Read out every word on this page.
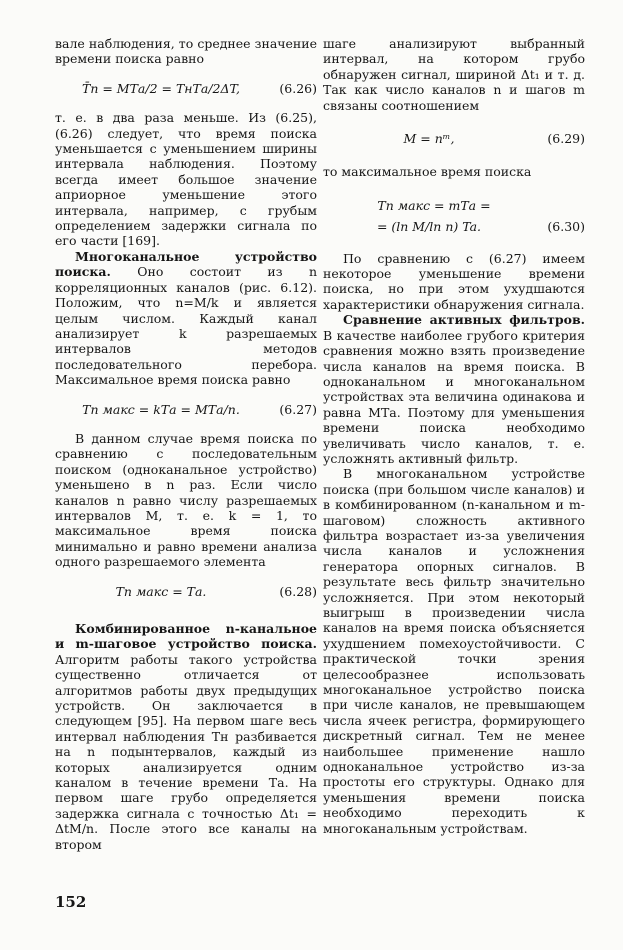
вале наблюдения, то среднее значение времени поиска равно

T̄п = MTа/2 = TнTа/2ΔT,	(6.26)

т. е. в два раза меньше. Из (6.25), (6.26) следует, что время поиска уменьшается с уменьшением ширины интервала наблюдения. Поэтому всегда имеет большое значение априорное уменьшение этого интервала, например, с грубым определением задержки сигнала по его части [169].

Многоканальное устройство поиска. Оно состоит из n корреляционных каналов (рис. 6.12). Положим, что n=M/k и является целым числом. Каждый канал анализирует k разрешаемых интервалов методов последовательного перебора. Максимальное время поиска равно

Tп макс = kTа = MTа/n.	(6.27)

В данном случае время поиска по сравнению с последовательным поиском (одноканальное устройство) уменьшено в n раз. Если число каналов n равно числу разрешаемых интервалов M, т. е. k = 1, то максимальное время поиска минимально и равно времени анализа одного разрешаемого элемента

Tп макс = Tа.	(6.28)

Комбинированное n-канальное и m-шаговое устройство поиска. Алгоритм работы такого устройства существенно отличается от алгоритмов работы двух предыдущих устройств. Он заключается в следующем [95]. На первом шаге весь интервал наблюдения Tн разбивается на n подынтервалов, каждый из которых анализируется одним каналом в течение времени Tа. На первом шаге грубо определяется задержка сигнала с точностью Δt₁ = ΔtM/n. После этого все каналы на втором

шаге анализируют выбранный интервал, на котором грубо обнаружен сигнал, шириной Δt₁ и т. д. Так как число каналов n и шагов m связаны соотношением

M = nᵐ,	(6.29)

то максимальное время поиска

Tп макс = mTа =
= (ln M/ln n) Ta.	(6.30)

По сравнению с (6.27) имеем некоторое уменьшение времени поиска, но при этом ухудшаются характеристики обнаружения сигнала.

Сравнение активных фильтров. В качестве наиболее грубого критерия сравнения можно взять произведение числа каналов на время поиска. В одноканальном и многоканальном устройствах эта величина одинакова и равна MTа. Поэтому для уменьшения времени поиска необходимо увеличивать число каналов, т. е. усложнять активный фильтр.

В многоканальном устройстве поиска (при большом числе каналов) и в комбинированном (n-канальном и m-шаговом) сложность активного фильтра возрастает из-за увеличения числа каналов и усложнения генератора опорных сигналов. В результате весь фильтр значительно усложняется. При этом некоторый выигрыш в произведении числа каналов на время поиска объясняется ухудшением помехоустойчивости. С практической точки зрения целесообразнее использовать многоканальное устройство поиска при числе каналов, не превышающем числа ячеек регистра, формирующего дискретный сигнал. Тем не менее наибольшее применение нашло одноканальное устройство из-за простоты его структуры. Однако для уменьшения времени поиска необходимо переходить к многоканальным устройствам.

152
